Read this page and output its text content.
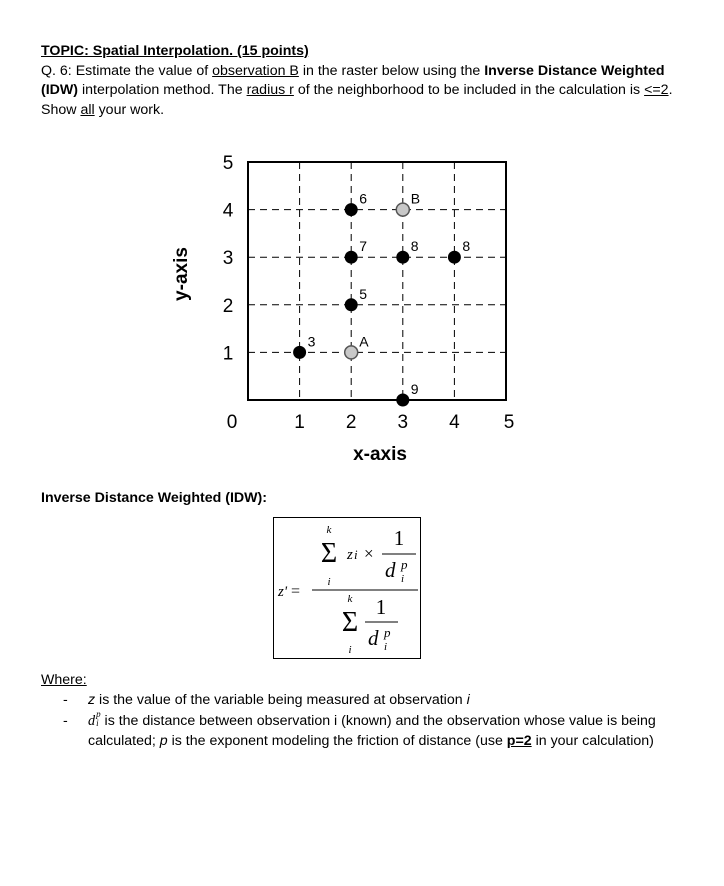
TOPIC: Spatial Interpolation. (15 points)
Q. 6: Estimate the value of observation B in the raster below using the Inverse Distance Weighted (IDW) interpolation method. The radius r of the neighborhood to be included in the calculation is <=2. Show all your work.
y-axis
x-axis
0	1 2 3 4 5
1
2
3
4
5
6
7	8	8
5
3
9
B
A
Inverse Distance Weighted (IDW):
z' =
k
Σ
i
z i ×
1
d p
i
k
Σ
i
1
d p
i
Where:
- z is the value of the variable being measured at observation i
- d p
i is the distance between observation i (known) and the observation whose value is being calculated; p is the exponent modeling the friction of distance (use p=2 in your calculation)
